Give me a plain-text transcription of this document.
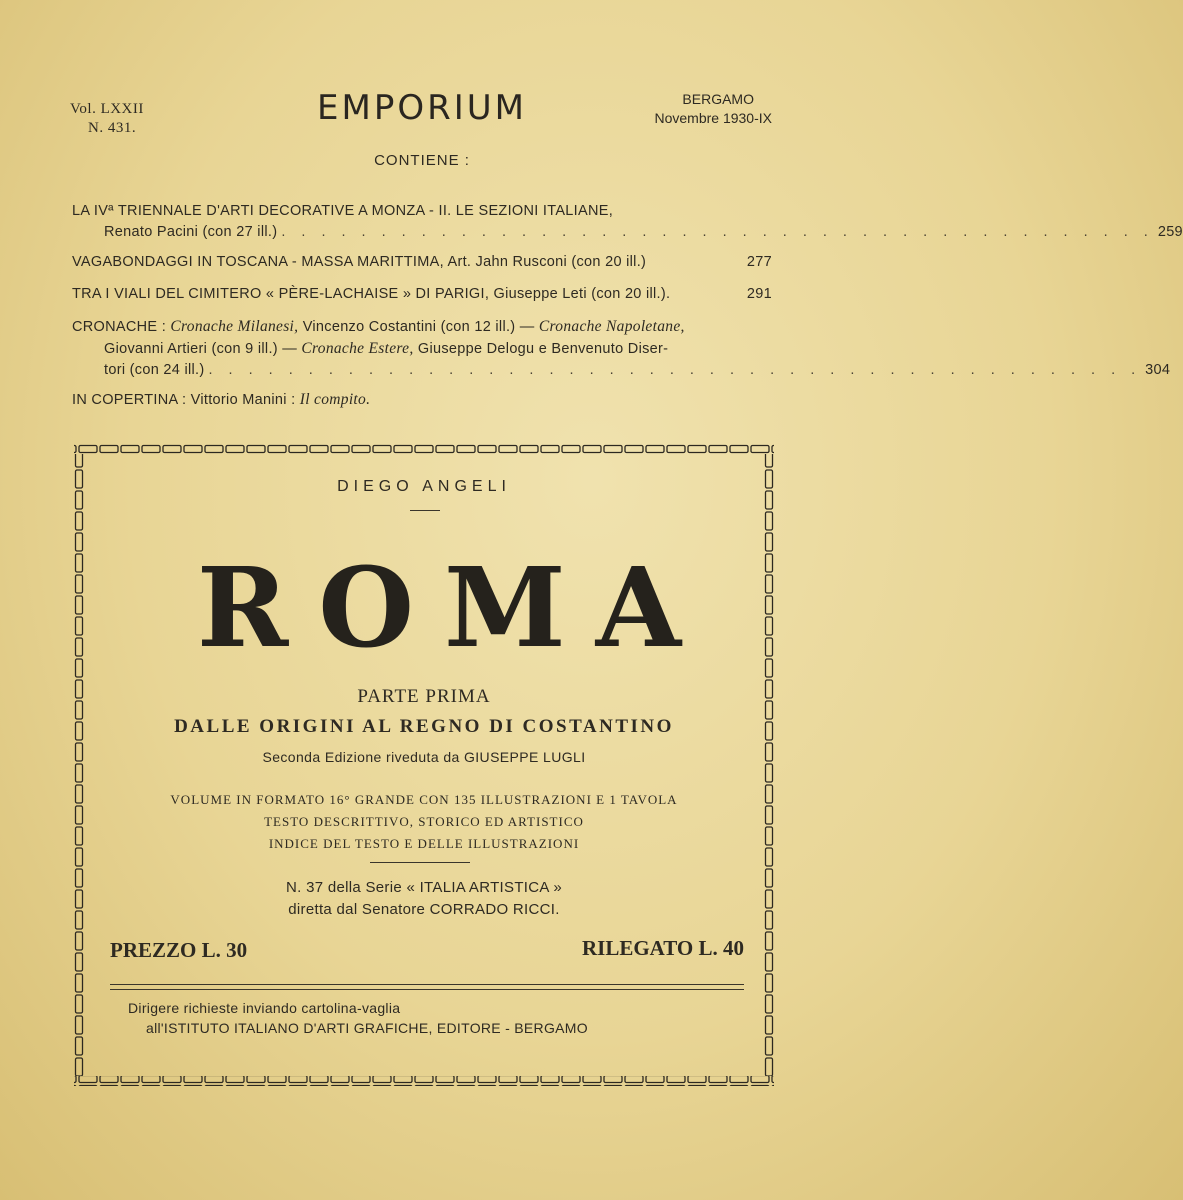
Vol. LXXII
N. 431.	EMPORIUM	BERGAMO
Novembre 1930-IX
CONTIENE :
LA IVª TRIENNALE D'ARTI DECORATIVE A MONZA - II. LE SEZIONI ITALIANE,
Renato Pacini (con 27 ill.) . . . . . . . . . . . . . . . . . . . . . . . . . . . . . . . . . . . . . . . . . . . . 259
VAGABONDAGGI IN TOSCANA - MASSA MARITTIMA, Art. Jahn Rusconi (con 20 ill.)	277
TRA I VIALI DEL CIMITERO « PÈRE-LACHAISE » DI PARIGI, Giuseppe Leti (con 20 ill.).	291
CRONACHE : Cronache Milanesi, Vincenzo Costantini (con 12 ill.) — Cronache Napoletane,
Giovanni Artieri (con 9 ill.) — Cronache Estere, Giuseppe Delogu e Benvenuto Diser-
tori (con 24 ill.) . . . . . . . . . . . . . . . . . . . . . . . . . . . . . . . . . . . . . . . . . . . . . . . 304
IN COPERTINA : Vittorio Manini : Il compito.
DIEGO ANGELI
ROMA
PARTE PRIMA
DALLE ORIGINI AL REGNO DI COSTANTINO
Seconda Edizione riveduta da GIUSEPPE LUGLI
VOLUME IN FORMATO 16° GRANDE CON 135 ILLUSTRAZIONI E 1 TAVOLA
TESTO DESCRITTIVO, STORICO ED ARTISTICO
INDICE DEL TESTO E DELLE ILLUSTRAZIONI
N. 37 della Serie « ITALIA ARTISTICA »
diretta dal Senatore CORRADO RICCI.
PREZZO L. 30	RILEGATO L. 40
Dirigere richieste inviando cartolina-vaglia
all'ISTITUTO ITALIANO D'ARTI GRAFICHE, EDITORE - BERGAMO
